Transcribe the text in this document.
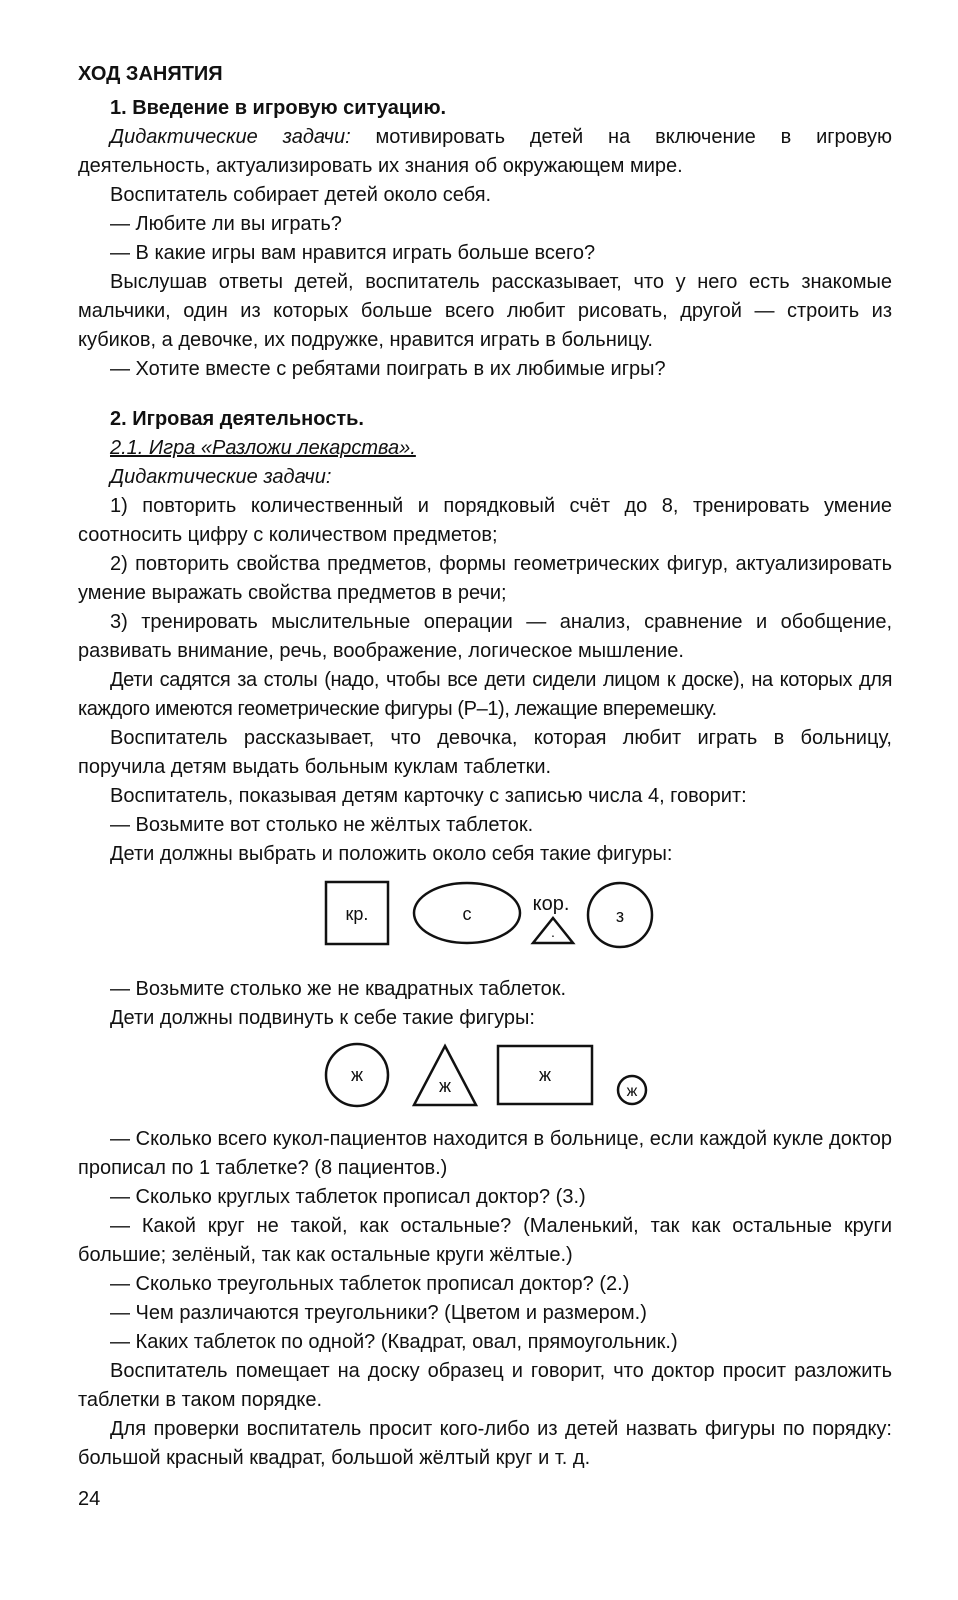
ХОД ЗАНЯТИЯ

1. Введение в игровую ситуацию.

Дидактические задачи: мотивировать детей на включение в игровую деятельность, актуализировать их знания об окружающем мире.

Воспитатель собирает детей около себя.

— Любите ли вы играть?

— В какие игры вам нравится играть больше всего?

Выслушав ответы детей, воспитатель рассказывает, что у него есть знакомые мальчики, один из которых больше всего любит рисовать, другой — строить из кубиков, а девочке, их подружке, нравится играть в больницу.

— Хотите вместе с ребятами поиграть в их любимые игры?

2. Игровая деятельность.

2.1. Игра «Разложи лекарства».

Дидактические задачи:

1) повторить количественный и порядковый счёт до 8, тренировать умение соотносить цифру с количеством предметов;

2) повторить свойства предметов, формы геометрических фигур, актуализировать умение выражать свойства предметов в речи;

3) тренировать мыслительные операции — анализ, сравнение и обобщение, развивать внимание, речь, воображение, логическое мышление.

Дети садятся за столы (надо, чтобы все дети сидели лицом к доске), на которых для каждого имеются геометрические фигуры (Р–1), лежащие вперемешку.

Воспитатель рассказывает, что девочка, которая любит играть в больницу, поручила детям выдать больным куклам таблетки.

Воспитатель, показывая детям карточку с записью числа 4, говорит:

— Возьмите вот столько не жёлтых таблеток.

Дети должны выбрать и положить около себя такие фигуры:

кр.	с	кор.
·
з
ж
ж
ж
ж

— Возьмите столько же не квадратных таблеток.

Дети должны подвинуть к себе такие фигуры:

— Сколько всего кукол-пациентов находится в больнице, если каждой кукле доктор прописал по 1 таблетке? (8 пациентов.)

— Сколько круглых таблеток прописал доктор? (3.)

— Какой круг не такой, как остальные? (Маленький, так как остальные круги большие; зелёный, так как остальные круги жёлтые.)

— Сколько треугольных таблеток прописал доктор? (2.)

— Чем различаются треугольники? (Цветом и размером.)

— Каких таблеток по одной? (Квадрат, овал, прямоугольник.)

Воспитатель помещает на доску образец и говорит, что доктор просит разложить таблетки в таком порядке.

Для проверки воспитатель просит кого-либо из детей назвать фигуры по порядку: большой красный квадрат, большой жёлтый круг и т. д.

24
